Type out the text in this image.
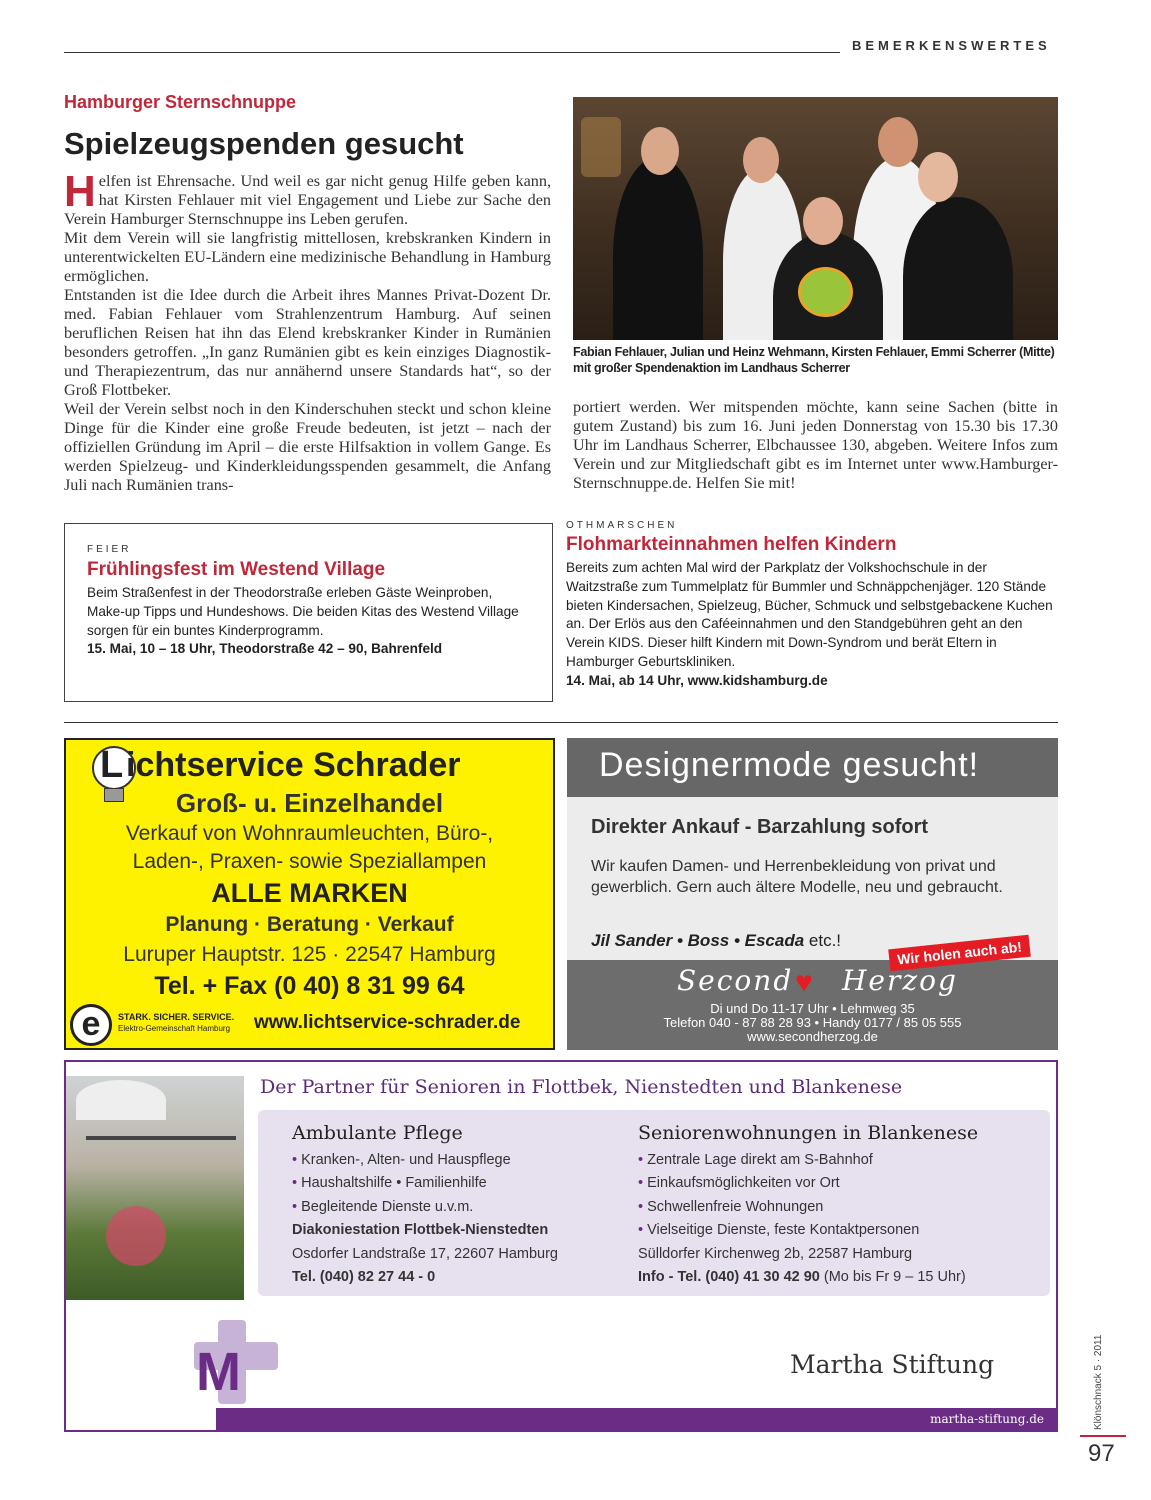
BEMERKENSWERTES
Hamburger Sternschnuppe
Spielzeugspenden gesucht

Helfen ist Ehrensache. Und weil es gar nicht genug Hilfe geben kann, hat Kirsten Fehlauer mit viel Engagement und Liebe zur Sache den Verein Hamburger Sternschnuppe ins Leben gerufen.

Mit dem Verein will sie langfristig mittellosen, krebskranken Kindern in unterentwickelten EU-Ländern eine medizinische Behandlung in Hamburg ermöglichen.

Entstanden ist die Idee durch die Arbeit ihres Mannes Privat-Dozent Dr. med. Fabian Fehlauer vom Strahlenzentrum Hamburg. Auf seinen beruflichen Reisen hat ihn das Elend krebskranker Kinder in Rumänien besonders getroffen. „In ganz Rumänien gibt es kein einziges Diagnostik- und Therapiezentrum, das nur annähernd unsere Standards hat“, so der Groß Flottbeker.

Weil der Verein selbst noch in den Kinderschuhen steckt und schon kleine Dinge für die Kinder eine große Freude bedeuten, ist jetzt – nach der offiziellen Gründung im April – die erste Hilfsaktion in vollem Gange. Es werden Spielzeug- und Kinderkleidungsspenden gesammelt, die Anfang Juli nach Rumänien trans-

Fabian Fehlauer, Julian und Heinz Wehmann, Kirsten Fehlauer, Emmi Scherrer (Mitte) mit großer Spendenaktion im Landhaus Scherrer

portiert werden. Wer mitspenden möchte, kann seine Sachen (bitte in gutem Zustand) bis zum 16. Juni jeden Donnerstag von 15.30 bis 17.30 Uhr im Landhaus Scherrer, Elbchaussee 130, abgeben. Weitere Infos zum Verein und zur Mitgliedschaft gibt es im Internet unter www.Hamburger-Sternschnuppe.de. Helfen Sie mit!

FEIER
Frühlingsfest im Westend Village
Beim Straßenfest in der Theodorstraße erleben Gäste Weinproben, Make-up Tipps und Hundeshows. Die beiden Kitas des Westend Village sorgen für ein buntes Kinderprogramm.
15. Mai, 10 – 18 Uhr, Theodorstraße 42 – 90, Bahrenfeld
OTHMARSCHEN
Flohmarkteinnahmen helfen Kindern
Bereits zum achten Mal wird der Parkplatz der Volkshochschule in der Waitzstraße zum Tummelplatz für Bummler und Schnäppchenjäger. 120 Stände bieten Kindersachen, Spielzeug, Bücher, Schmuck und selbstgebackene Kuchen an. Der Erlös aus den Caféeinnahmen und den Standgebühren geht an den Verein KIDS. Dieser hilft Kindern mit Down-Syndrom und berät Eltern in Hamburger Geburtskliniken.
14. Mai, ab 14 Uhr, www.kidshamburg.de
L ichtservice Schrader
Groß- u. Einzelhandel
Verkauf von Wohnraumleuchten, Büro-,
Laden-, Praxen- sowie Speziallampen
ALLE MARKEN
Planung · Beratung · Verkauf
Luruper Hauptstr. 125 · 22547 Hamburg
Tel. + Fax (0 40) 8 31 99 64
e	STARK. SICHER. SERVICE.
Elektro-Gemeinschaft Hamburg www.lichtservice-schrader.de
Designermode gesucht!
Direkter Ankauf - Barzahlung sofort
Wir kaufen Damen- und Herrenbekleidung von privat und gewerblich. Gern auch ältere Modelle, neu und gebraucht.
Jil Sander • Boss • Escada etc.!	Wir holen auch ab!
Second ♥ Herzog
Di und Do 11-17 Uhr • Lehmweg 35
Telefon 040 - 87 88 28 93 • Handy 0177 / 85 05 555
www.secondherzog.de
Der Partner für Senioren in Flottbek, Nienstedten und Blankenese
Ambulante Pflege
• Kranken-, Alten- und Hauspflege
• Haushaltshilfe • Familienhilfe
• Begleitende Dienste u.v.m.
Diakoniestation Flottbek-Nienstedten
Osdorfer Landstraße 17, 22607 Hamburg
Tel. (040) 82 27 44 - 0
Seniorenwohnungen in Blankenese
• Zentrale Lage direkt am S-Bahnhof
• Einkaufsmöglichkeiten vor Ort
• Schwellenfreie Wohnungen
• Vielseitige Dienste, feste Kontaktpersonen
Sülldorfer Kirchenweg 2b, 22587 Hamburg
Info - Tel. (040) 41 30 42 90 (Mo bis Fr 9 – 15 Uhr)
M	Martha Stiftung
martha-stiftung.de	Klönschnack 5 · 2011
97
